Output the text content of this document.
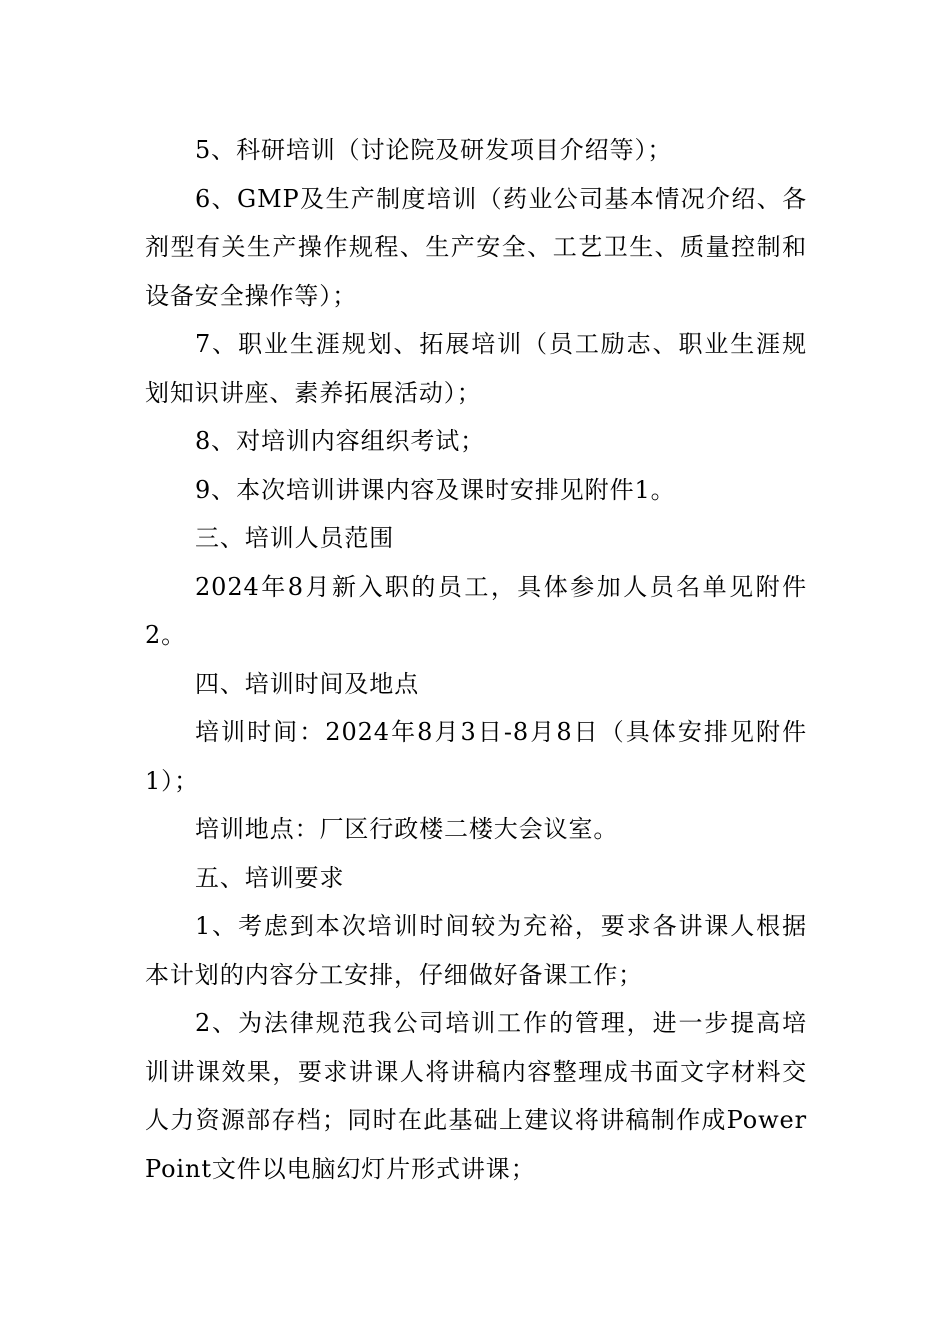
5、科研培训（讨论院及研发项目介绍等）；

6、GMP及生产制度培训（药业公司基本情况介绍、各剂型有关生产操作规程、生产安全、工艺卫生、质量控制和设备安全操作等）；

7、职业生涯规划、拓展培训（员工励志、职业生涯规划知识讲座、素养拓展活动）；

8、对培训内容组织考试；

9、本次培训讲课内容及课时安排见附件1。

三、培训人员范围

2024年8月新入职的员工，具体参加人员名单见附件2。

四、培训时间及地点

培训时间：2024年8月3日-8月8日（具体安排见附件1）；

培训地点：厂区行政楼二楼大会议室。

五、培训要求

1、考虑到本次培训时间较为充裕，要求各讲课人根据本计划的内容分工安排，仔细做好备课工作；

2、为法律规范我公司培训工作的管理，进一步提高培训讲课效果，要求讲课人将讲稿内容整理成书面文字材料交人力资源部存档；同时在此基础上建议将讲稿制作成PowerPoint文件以电脑幻灯片形式讲课；
